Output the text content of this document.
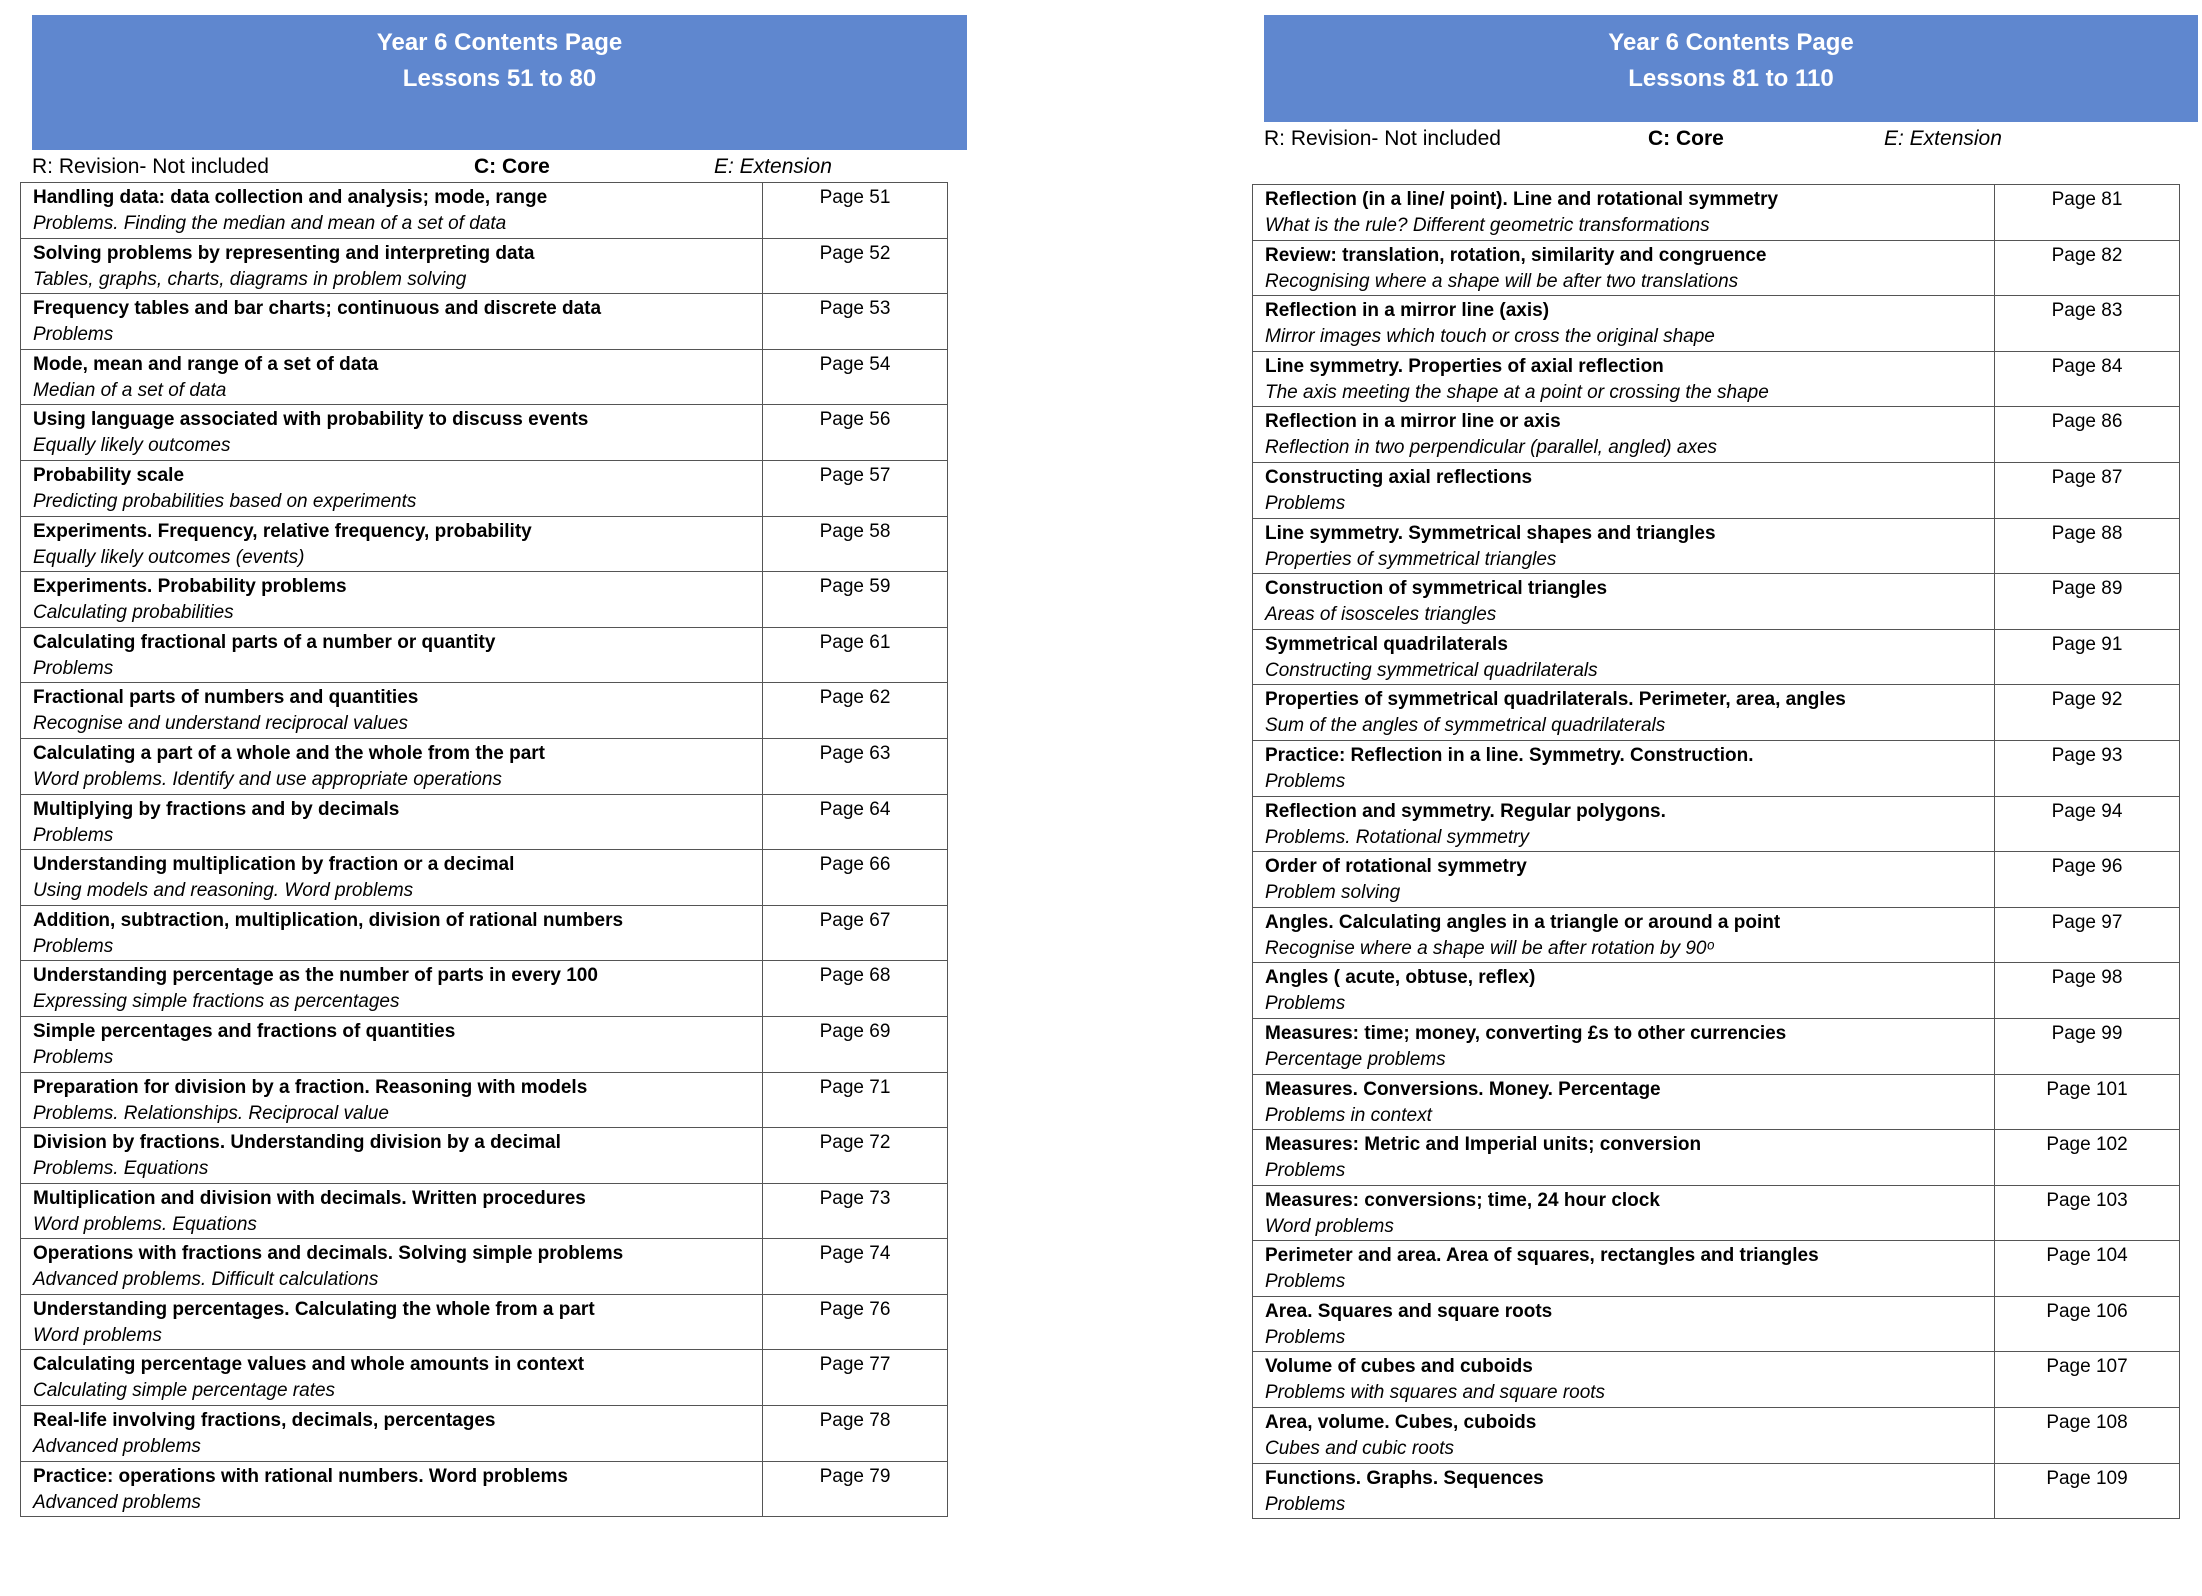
Year 6 Contents Page
Lessons 51 to 80
R: Revision- Not included	C: Core	E: Extension
Handling data: data collection and analysis; mode, range
Problems. Finding the median and mean of a set of data	Page 51

Solving problems by representing and interpreting data
Tables, graphs, charts, diagrams in problem solving	Page 52

Frequency tables and bar charts; continuous and discrete data
Problems	Page 53

Mode, mean and range of a set of data
Median of a set of data	Page 54

Using language associated with probability to discuss events
Equally likely outcomes	Page 56

Probability scale
Predicting probabilities based on experiments	Page 57

Experiments. Frequency, relative frequency, probability
Equally likely outcomes (events)	Page 58

Experiments. Probability problems
Calculating probabilities	Page 59

Calculating fractional parts of a number or quantity
Problems	Page 61

Fractional parts of numbers and quantities
Recognise and understand reciprocal values	Page 62

Calculating a part of a whole and the whole from the part
Word problems. Identify and use appropriate operations	Page 63

Multiplying by fractions and by decimals
Problems	Page 64

Understanding multiplication by fraction or a decimal
Using models and reasoning. Word problems	Page 66

Addition, subtraction, multiplication, division of rational numbers
Problems	Page 67

Understanding percentage as the number of parts in every 100
Expressing simple fractions as percentages	Page 68

Simple percentages and fractions of quantities
Problems	Page 69

Preparation for division by a fraction. Reasoning with models
Problems. Relationships. Reciprocal value	Page 71

Division by fractions. Understanding division by a decimal
Problems. Equations	Page 72

Multiplication and division with decimals. Written procedures
Word problems. Equations	Page 73

Operations with fractions and decimals. Solving simple problems
Advanced problems. Difficult calculations	Page 74

Understanding percentages. Calculating the whole from a part
Word problems	Page 76

Calculating percentage values and whole amounts in context
Calculating simple percentage rates	Page 77

Real-life involving fractions, decimals, percentages
Advanced problems	Page 78

Practice: operations with rational numbers. Word problems
Advanced problems	Page 79
Year 6 Contents Page
Lessons 81 to 110
R: Revision- Not included	C: Core	E: Extension
Reflection (in a line/ point). Line and rotational symmetry
What is the rule? Different geometric transformations	Page 81

Review: translation, rotation, similarity and congruence
Recognising where a shape will be after two translations	Page 82

Reflection in a mirror line (axis)
Mirror images which touch or cross the original shape	Page 83

Line symmetry. Properties of axial reflection
The axis meeting the shape at a point or crossing the shape	Page 84

Reflection in a mirror line or axis
Reflection in two perpendicular (parallel, angled) axes	Page 86

Constructing axial reflections
Problems	Page 87

Line symmetry. Symmetrical shapes and triangles
Properties of symmetrical triangles	Page 88

Construction of symmetrical triangles
Areas of isosceles triangles	Page 89

Symmetrical quadrilaterals
Constructing symmetrical quadrilaterals	Page 91

Properties of symmetrical quadrilaterals. Perimeter, area, angles
Sum of the angles of symmetrical quadrilaterals	Page 92

Practice: Reflection in a line. Symmetry. Construction.
Problems	Page 93

Reflection and symmetry. Regular polygons.
Problems. Rotational symmetry	Page 94

Order of rotational symmetry
Problem solving	Page 96

Angles. Calculating angles in a triangle or around a point
Recognise where a shape will be after rotation by 90ᵒ	Page 97

Angles ( acute, obtuse, reflex)
Problems	Page 98

Measures: time; money, converting £s to other currencies
Percentage problems	Page 99

Measures. Conversions. Money. Percentage
Problems in context	Page 101

Measures: Metric and Imperial units; conversion
Problems	Page 102

Measures: conversions; time, 24 hour clock
Word problems	Page 103

Perimeter and area. Area of squares, rectangles and triangles
Problems	Page 104

Area. Squares and square roots
Problems	Page 106

Volume of cubes and cuboids
Problems with squares and square roots	Page 107

Area, volume. Cubes, cuboids
Cubes and cubic roots	Page 108

Functions. Graphs. Sequences
Problems	Page 109
